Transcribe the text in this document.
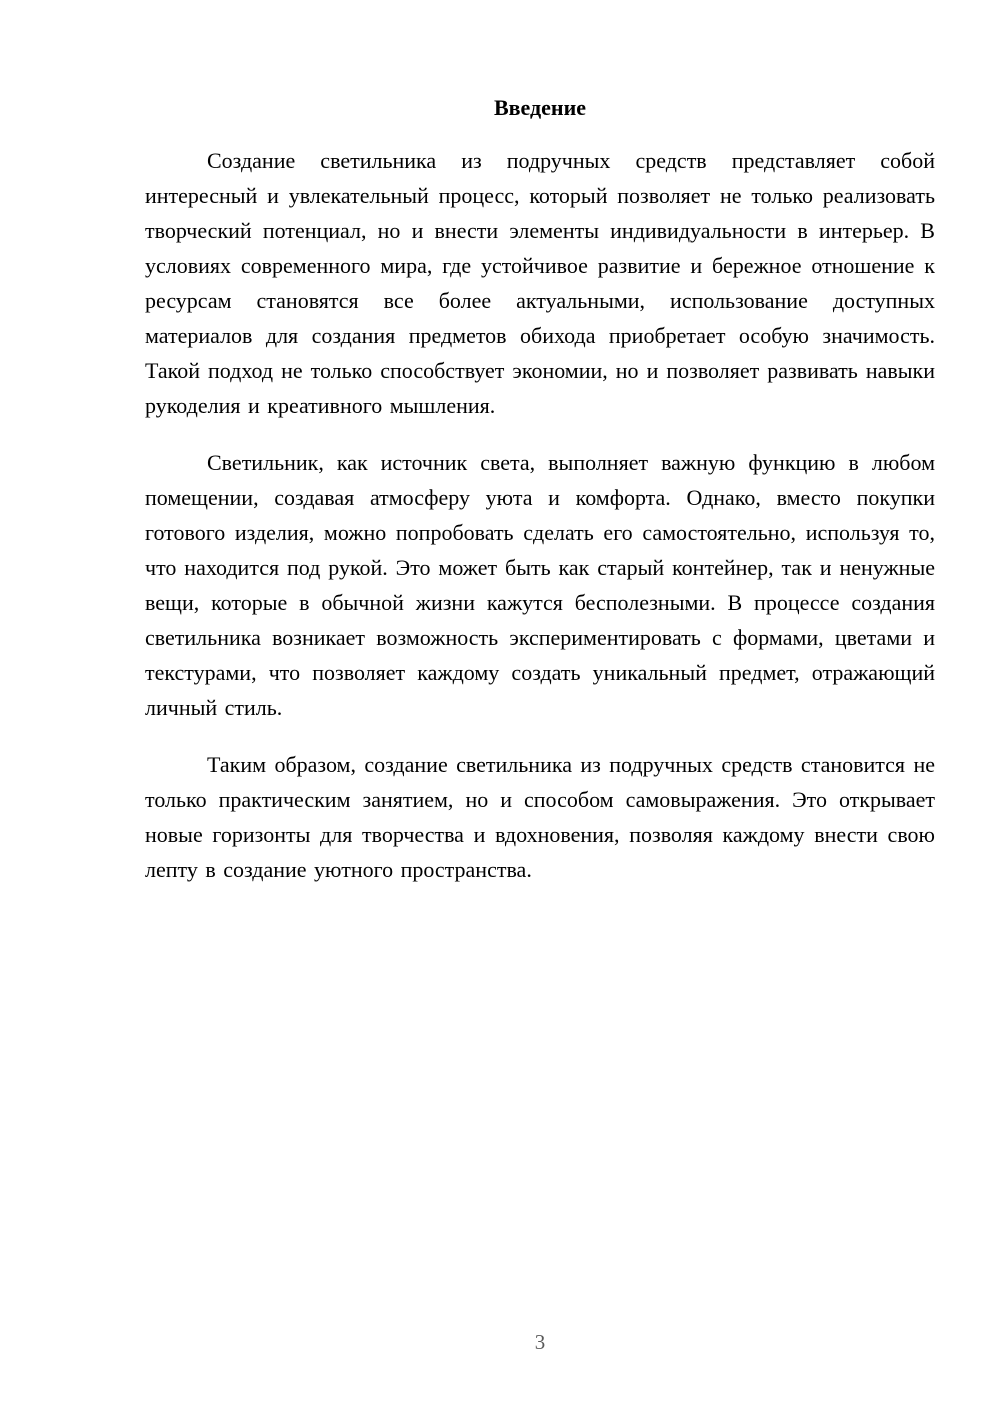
Введение

Создание светильника из подручных средств представляет собой интересный и увлекательный процесс, который позволяет не только реализовать творческий потенциал, но и внести элементы индивидуальности в интерьер. В условиях современного мира, где устойчивое развитие и бережное отношение к ресурсам становятся все более актуальными, использование доступных материалов для создания предметов обихода приобретает особую значимость. Такой подход не только способствует экономии, но и позволяет развивать навыки рукоделия и креативного мышления.

Светильник, как источник света, выполняет важную функцию в любом помещении, создавая атмосферу уюта и комфорта. Однако, вместо покупки готового изделия, можно попробовать сделать его самостоятельно, используя то, что находится под рукой. Это может быть как старый контейнер, так и ненужные вещи, которые в обычной жизни кажутся бесполезными. В процессе создания светильника возникает возможность экспериментировать с формами, цветами и текстурами, что позволяет каждому создать уникальный предмет, отражающий личный стиль.

Таким образом, создание светильника из подручных средств становится не только практическим занятием, но и способом самовыражения. Это открывает новые горизонты для творчества и вдохновения, позволяя каждому внести свою лепту в создание уютного пространства.

3
